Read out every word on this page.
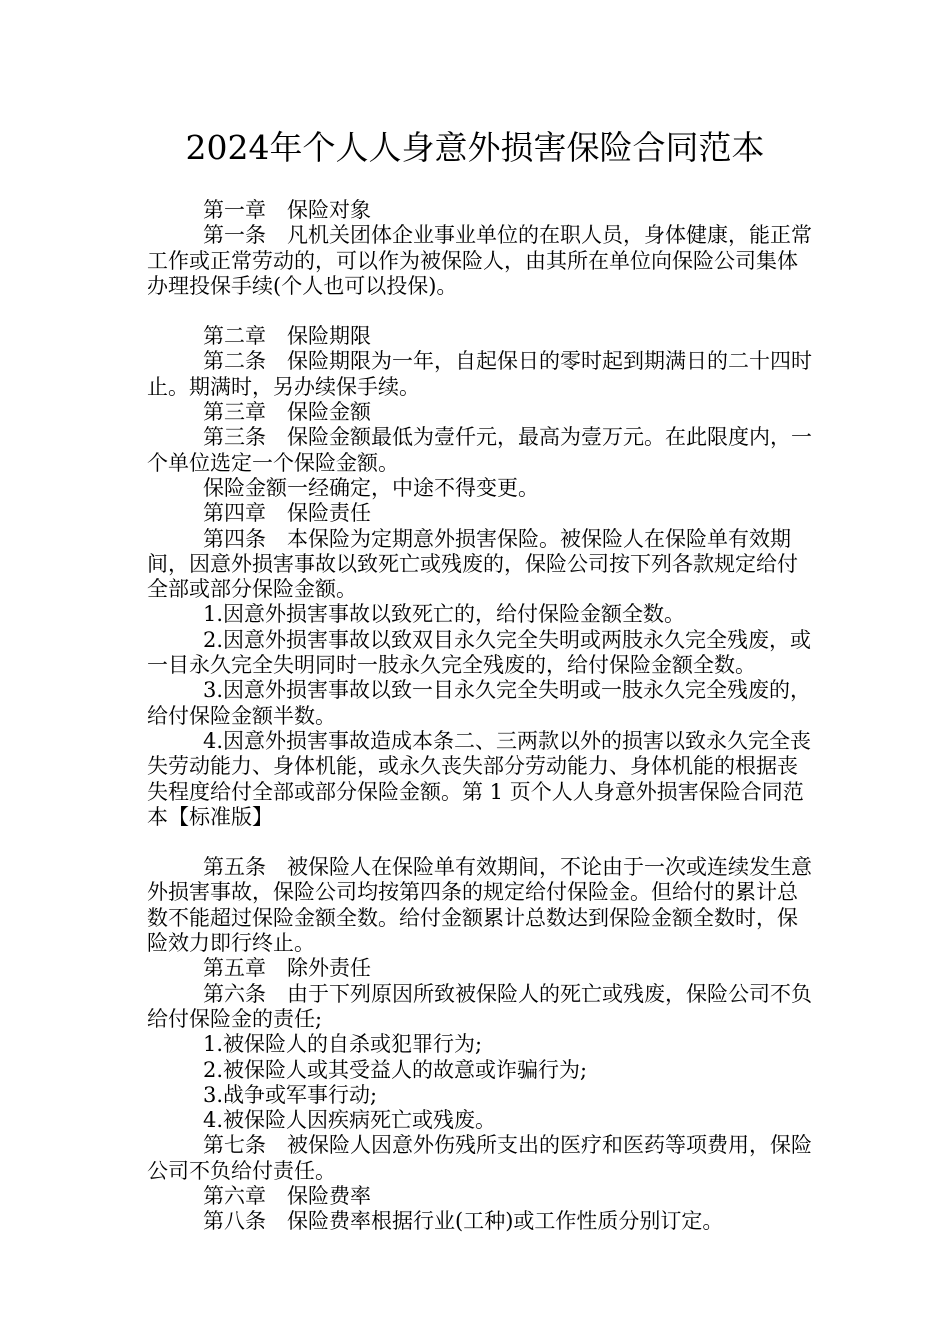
2024年个人人身意外损害保险合同范本

第一章　保险对象

第一条　凡机关团体企业事业单位的在职人员，身体健康，能正常工作或正常劳动的，可以作为被保险人，由其所在单位向保险公司集体办理投保手续(个人也可以投保)。

第二章　保险期限

第二条　保险期限为一年，自起保日的零时起到期满日的二十四时止。期满时，另办续保手续。

第三章　保险金额

第三条　保险金额最低为壹仟元，最高为壹万元。在此限度内，一个单位选定一个保险金额。

保险金额一经确定，中途不得变更。

第四章　保险责任

第四条　本保险为定期意外损害保险。被保险人在保险单有效期间，因意外损害事故以致死亡或残废的，保险公司按下列各款规定给付全部或部分保险金额。

1.因意外损害事故以致死亡的，给付保险金额全数。

2.因意外损害事故以致双目永久完全失明或两肢永久完全残废，或一目永久完全失明同时一肢永久完全残废的，给付保险金额全数。

3.因意外损害事故以致一目永久完全失明或一肢永久完全残废的，给付保险金额半数。

4.因意外损害事故造成本条二、三两款以外的损害以致永久完全丧失劳动能力、身体机能，或永久丧失部分劳动能力、身体机能的根据丧失程度给付全部或部分保险金额。第 1 页个人人身意外损害保险合同范本【标准版】

第五条　被保险人在保险单有效期间，不论由于一次或连续发生意外损害事故，保险公司均按第四条的规定给付保险金。但给付的累计总数不能超过保险金额全数。给付金额累计总数达到保险金额全数时，保险效力即行终止。

第五章　除外责任

第六条　由于下列原因所致被保险人的死亡或残废，保险公司不负给付保险金的责任;

1.被保险人的自杀或犯罪行为;

2.被保险人或其受益人的故意或诈骗行为;

3.战争或军事行动;

4.被保险人因疾病死亡或残废。

第七条　被保险人因意外伤残所支出的医疗和医药等项费用，保险公司不负给付责任。

第六章　保险费率

第八条　保险费率根据行业(工种)或工作性质分别订定。
